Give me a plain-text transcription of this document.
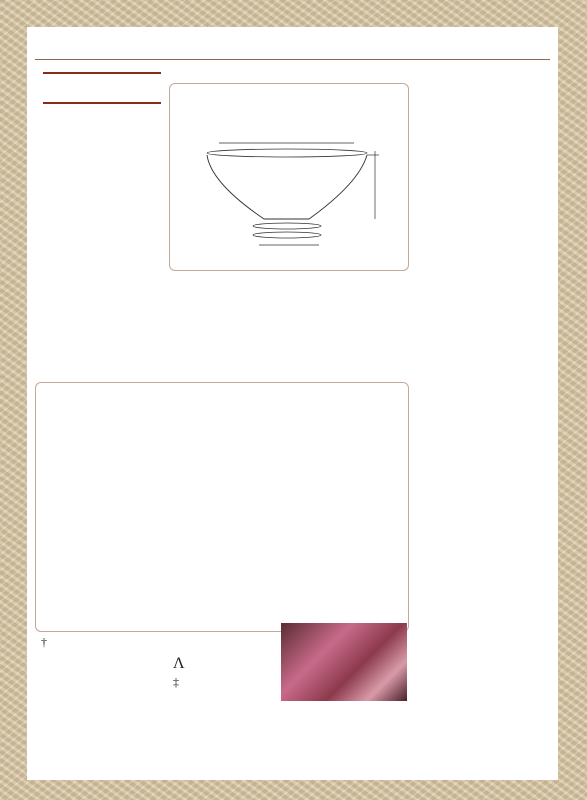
†
Λ
‡
